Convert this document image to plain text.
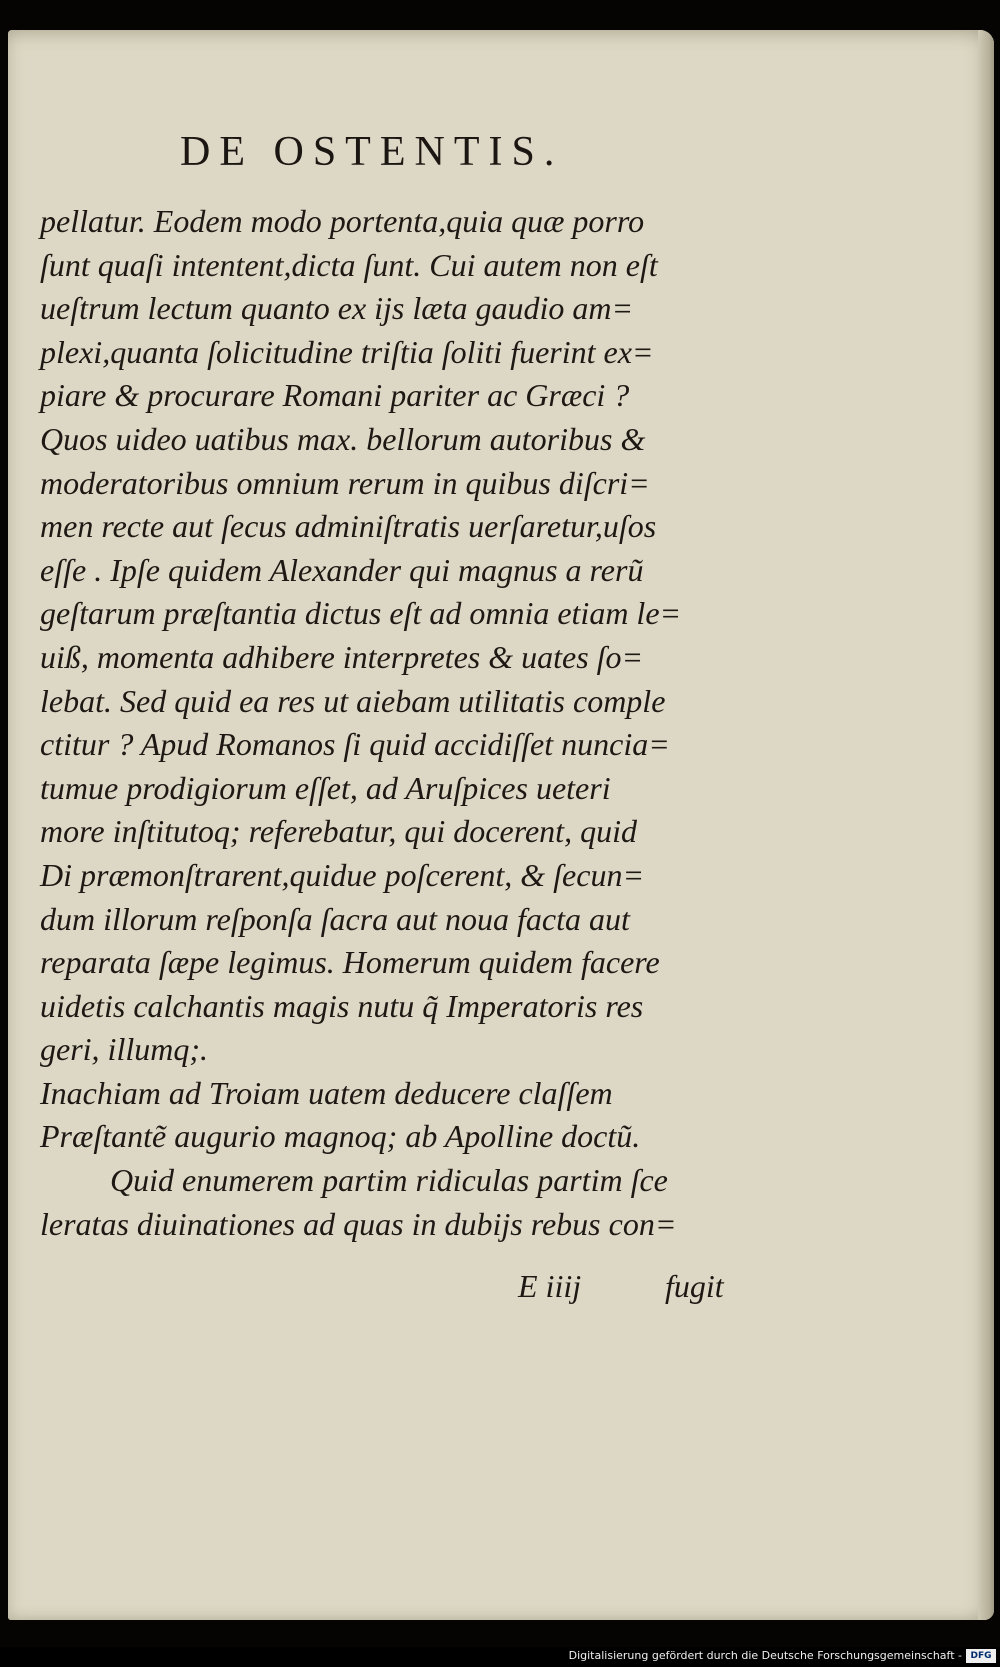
DE OSTENTIS.
pellatur. Eodem modo portenta,quia quæ porro
ſunt quaſi intentent,dicta ſunt. Cui autem non eſt
ueſtrum lectum quanto ex ijs læta gaudio am=
plexi,quanta ſolicitudine triſtia ſoliti fuerint ex=
piare & procurare Romani pariter ac Græci ?
Quos uideo uatibus max. bellorum autoribus &
moderatoribus omnium rerum in quibus diſcri=
men recte aut ſecus adminiſtratis uerſaretur,uſos
eſſe . Ipſe quidem Alexander qui magnus a rerũ
geſtarum præſtantia dictus eſt ad omnia etiam le=
uiß, momenta adhibere interpretes & uates ſo=
lebat. Sed quid ea res ut aiebam utilitatis comple
ctitur ? Apud Romanos ſi quid accidiſſet nuncia=
tumue prodigiorum eſſet, ad Aruſpices ueteri
more inſtitutoq; referebatur, qui docerent, quid
Di præmonſtrarent,quidue poſcerent, & ſecun=
dum illorum reſponſa ſacra aut noua facta aut
reparata ſæpe legimus. Homerum quidem facere
uidetis calchantis magis nutu q̃ Imperatoris res
geri, illumq;.
Inachiam ad Troiam uatem deducere claſſem
Præſtantẽ augurio magnoq; ab Apolline doctũ.
Quid enumerem partim ridiculas partim ſce
leratas diuinationes ad quas in dubijs rebus con=
E iiij	fugit
Digitalisierung gefördert durch die Deutsche Forschungsgemeinschaft - DFG
